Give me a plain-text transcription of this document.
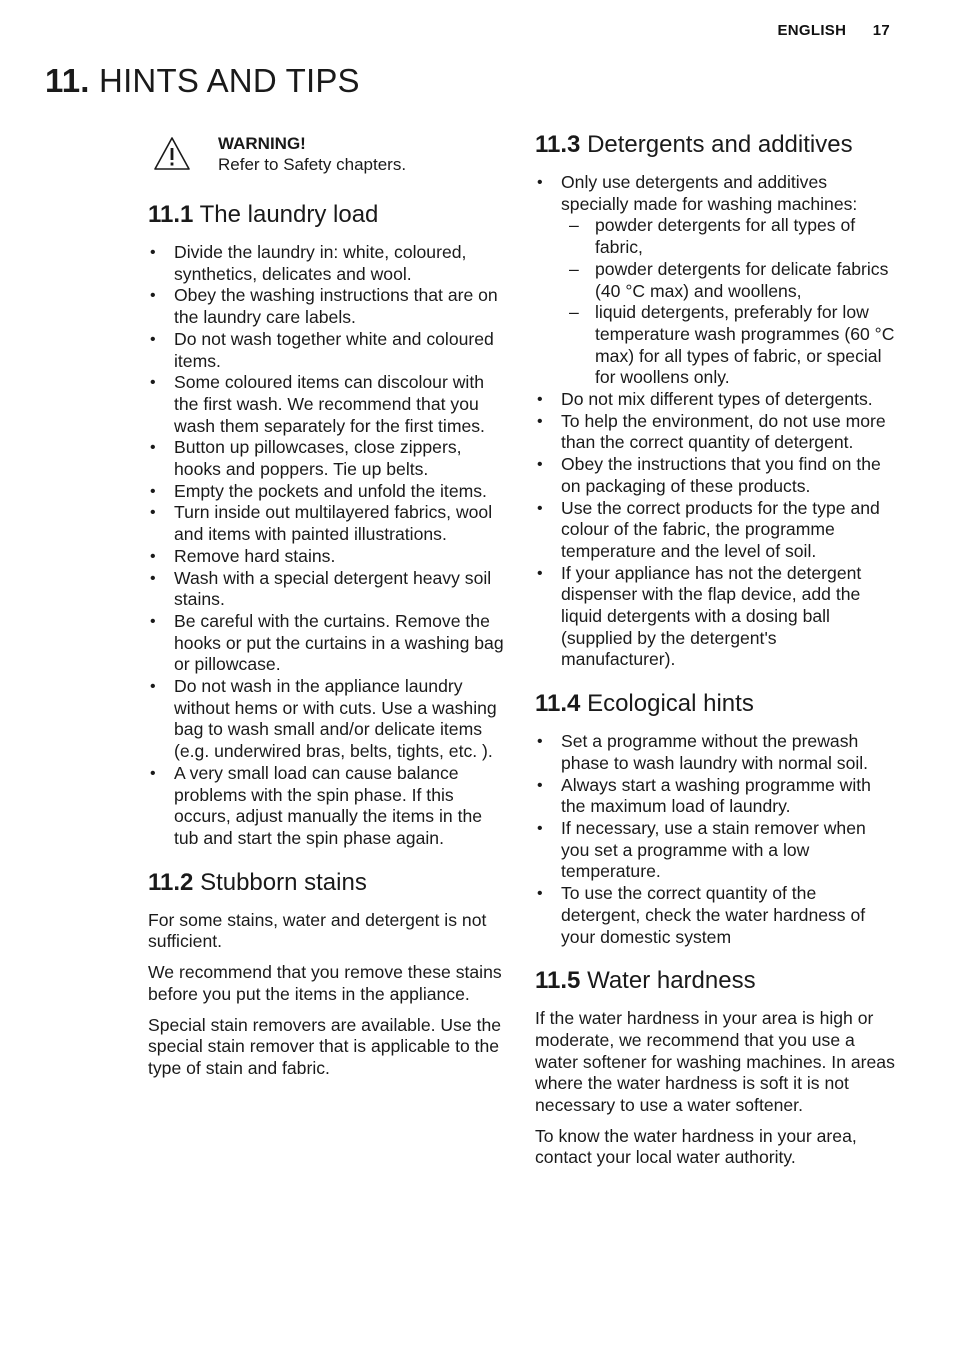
ENGLISH 17
11. HINTS AND TIPS
WARNING!
Refer to Safety chapters.
11.1 The laundry load
• Divide the laundry in: white, coloured, synthetics, delicates and wool.
• Obey the washing instructions that are on the laundry care labels.
• Do not wash together white and coloured items.
• Some coloured items can discolour with the first wash. We recommend that you wash them separately for the first times.
• Button up pillowcases, close zippers, hooks and poppers. Tie up belts.
• Empty the pockets and unfold the items.
• Turn inside out multilayered fabrics, wool and items with painted illustrations.
• Remove hard stains.
• Wash with a special detergent heavy soil stains.
• Be careful with the curtains. Remove the hooks or put the curtains in a washing bag or pillowcase.
• Do not wash in the appliance laundry without hems or with cuts. Use a washing bag to wash small and/or delicate items (e.g. underwired bras, belts, tights, etc. ).
• A very small load can cause balance problems with the spin phase. If this occurs, adjust manually the items in the tub and start the spin phase again.
11.2 Stubborn stains

For some stains, water and detergent is not sufficient.

We recommend that you remove these stains before you put the items in the appliance.

Special stain removers are available. Use the special stain remover that is applicable to the type of stain and fabric.

11.3 Detergents and additives
• Only use detergents and additives specially made for washing machines:
– powder detergents for all types of fabric,
– powder detergents for delicate fabrics (40 °C max) and woollens,
– liquid detergents, preferably for low temperature wash programmes (60 °C max) for all types of fabric, or special for woollens only.
• Do not mix different types of detergents.
• To help the environment, do not use more than the correct quantity of detergent.
• Obey the instructions that you find on the on packaging of these products.
• Use the correct products for the type and colour of the fabric, the programme temperature and the level of soil.
• If your appliance has not the detergent dispenser with the flap device, add the liquid detergents with a dosing ball (supplied by the detergent's manufacturer).
11.4 Ecological hints
• Set a programme without the prewash phase to wash laundry with normal soil.
• Always start a washing programme with the maximum load of laundry.
• If necessary, use a stain remover when you set a programme with a low temperature.
• To use the correct quantity of the detergent, check the water hardness of your domestic system
11.5 Water hardness

If the water hardness in your area is high or moderate, we recommend that you use a water softener for washing machines. In areas where the water hardness is soft it is not necessary to use a water softener.

To know the water hardness in your area, contact your local water authority.
